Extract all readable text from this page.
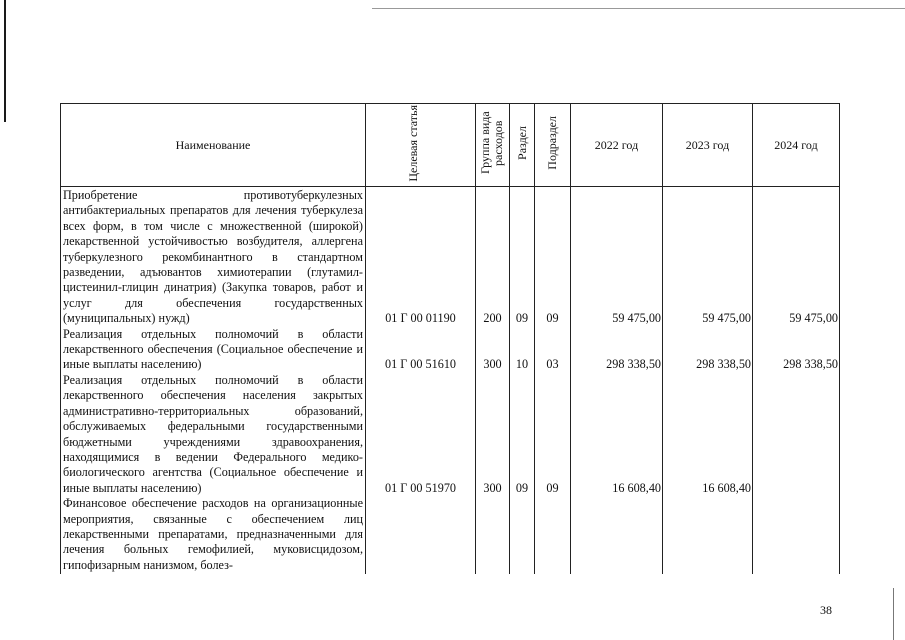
Наименование	Целевая статья	Группа вида расходов	Раздел	Подраздел	2022 год	2023 год	2024 год
Приобретение противотуберкулезных антибактериальных препаратов для лечения туберкулеза всех форм, в том числе с множественной (широкой) лекарственной устойчивостью возбудителя, аллергена туберкулезного рекомбинантного в стандартном разведении, адъювантов химиотерапии (глутамил-цистеинил-глицин динатрия) (Закупка товаров, работ и услуг для обеспечения государственных (муниципальных) нужд)	01 Г 00 01190	200	09	09	59 475,00	59 475,00	59 475,00
Реализация отдельных полномочий в области лекарственного обеспечения (Социальное обеспечение и иные выплаты населению)	01 Г 00 51610	300	10	03	298 338,50	298 338,50	298 338,50
Реализация отдельных полномочий в области лекарственного обеспечения населения закрытых административно-территориальных образований, обслуживаемых федеральными государственными бюджетными учреждениями здравоохранения, находящимися в ведении Федерального медико-биологического агентства (Социальное обеспечение и иные выплаты населению)	01 Г 00 51970	300	09	09	16 608,40	16 608,40	
Финансовое обеспечение расходов на организационные мероприятия, связанные с обеспечением лиц лекарственными препаратами, предназначенными для лечения больных гемофилией, муковисцидозом, гипофизарным нанизмом, болез-							
38
